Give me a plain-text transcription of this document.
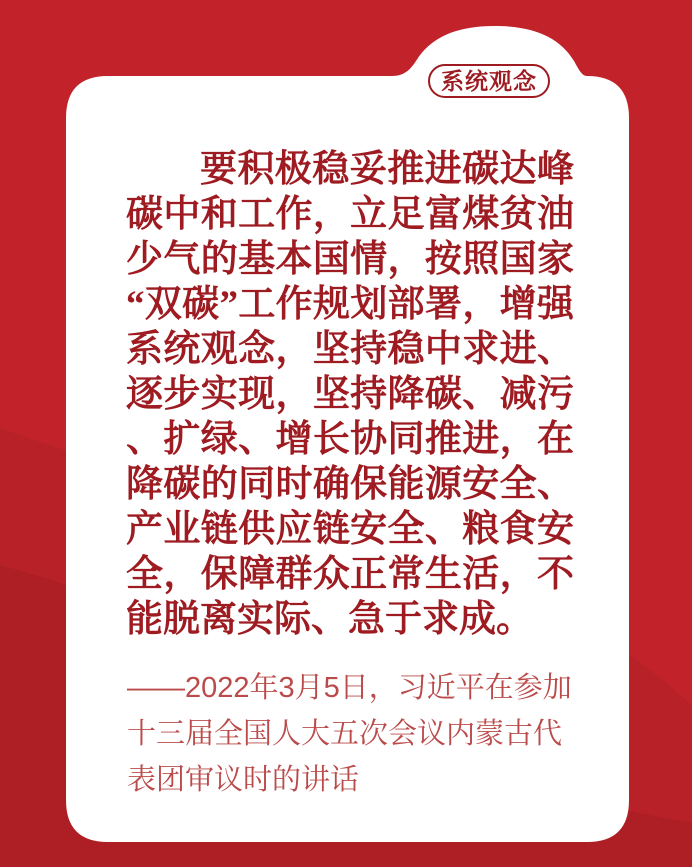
系统观念
要积极稳妥推进碳达峰碳中和工作，立足富煤贫油少气的基本国情，按照国家“双碳”工作规划部署，增强系统观念，坚持稳中求进、逐步实现，坚持降碳、减污、扩绿、增长协同推进，在降碳的同时确保能源安全、产业链供应链安全、粮食安全，保障群众正常生活，不能脱离实际、急于求成。
——2022年3月5日，习近平在参加十三届全国人大五次会议内蒙古代表团审议时的讲话
